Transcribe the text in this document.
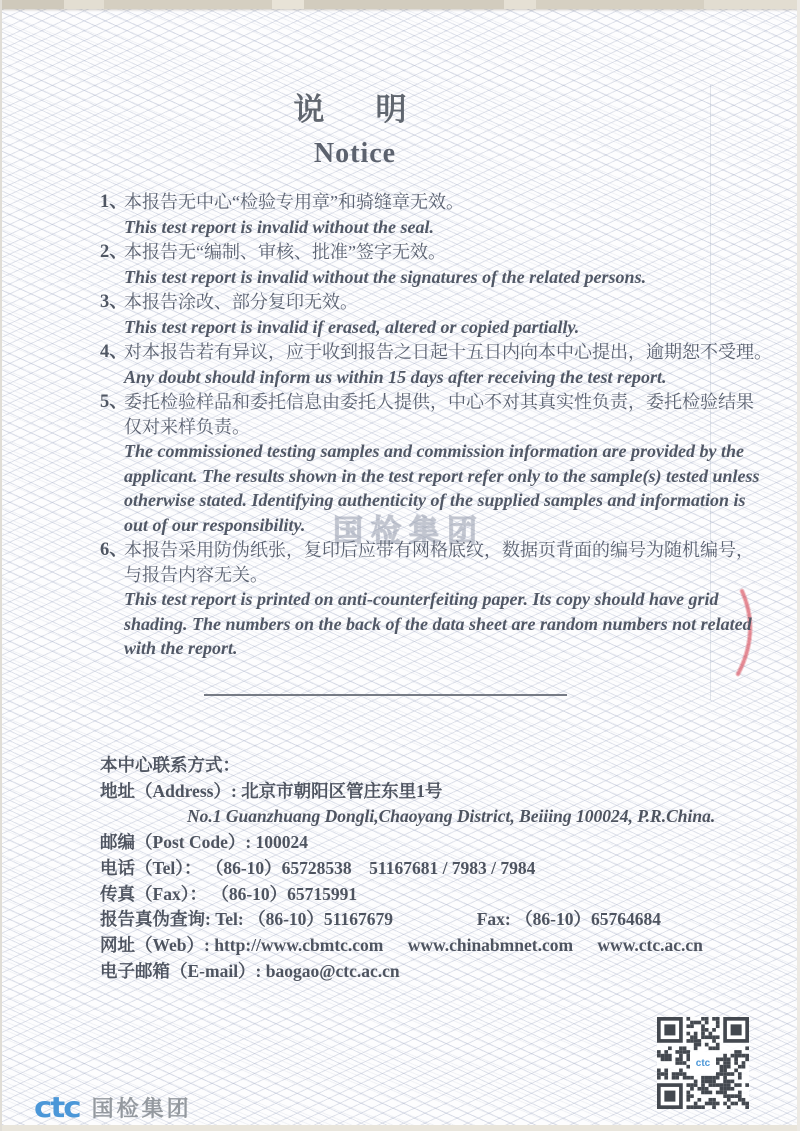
说　明
Notice
1、
本报告无中心“检验专用章”和骑缝章无效。
This test report is invalid without the seal.
2、
本报告无“编制、审核、批准”签字无效。
This test report is invalid without the signatures of the related persons.
3、
本报告涂改、部分复印无效。
This test report is invalid if erased, altered or copied partially.
4、
对本报告若有异议，应于收到报告之日起十五日内向本中心提出，逾期恕不受理。
Any doubt should inform us within 15 days after receiving the test report.
5、
委托检验样品和委托信息由委托人提供，中心不对其真实性负责，委托检验结果
仅对来样负责。
The commissioned testing samples and commission information are provided by the
applicant. The results shown in the test report refer only to the sample(s) tested unless
otherwise stated. Identifying authenticity of the supplied samples and information is
out of our responsibility.
6、
本报告采用防伪纸张，复印后应带有网格底纹，数据页背面的编号为随机编号，
与报告内容无关。
This test report is printed on anti-counterfeiting paper. Its copy should have grid
shading. The numbers on the back of the data sheet are random numbers not related
with the report.
国检集团
本中心联系方式：
地址（Address）: 北京市朝阳区管庄东里1号
No.1 Guanzhuang Dongli,Chaoyang District, Beiiing 100024, P.R.China.
邮编（Post Code）: 100024
电话（Tel）： （86-10）65728538　51167681 / 7983 / 7984
传真（Fax）： （86-10）65715991
报告真伪查询: Tel: （86-10）51167679	Fax: （86-10）65764684
网址（Web）: http://www.cbmtc.com www.chinabmnet.com www.ctc.ac.cn
电子邮箱（E-mail）: baogao@ctc.ac.cn
ctc
ctc 国检集团
